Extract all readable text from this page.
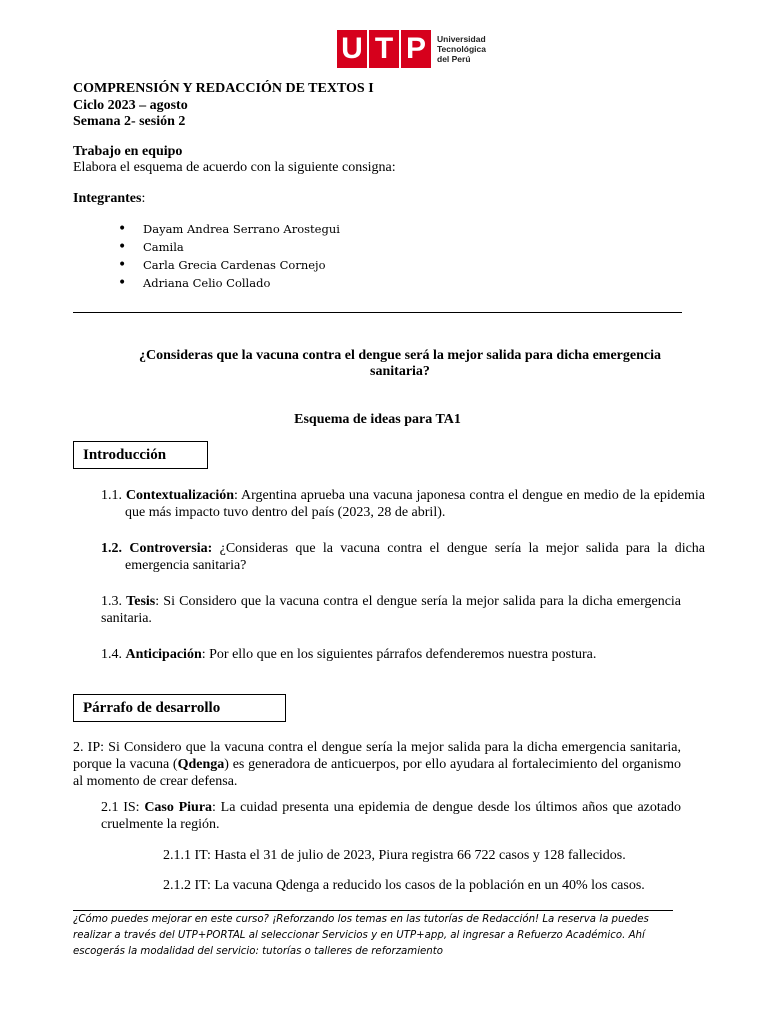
U T P	Universidad
Tecnológica
del Perú
COMPRENSIÓN Y REDACCIÓN DE TEXTOS I
Ciclo 2023 – agosto
Semana 2- sesión 2
Trabajo en equipo
Elabora el esquema de acuerdo con la siguiente consigna:
Integrantes:
• Dayam Andrea Serrano Arostegui
• Camila
• Carla Grecia Cardenas Cornejo
• Adriana Celio Collado
¿Consideras que la vacuna contra el dengue será la mejor salida para dicha emergencia sanitaria?
Esquema de ideas para TA1
Introducción
1.1. Contextualización: Argentina aprueba una vacuna japonesa contra el dengue en medio de la epidemia que más impacto tuvo dentro del país (2023, 28 de abril).
1.2. Controversia: ¿Consideras que la vacuna contra el dengue sería la mejor salida para la dicha emergencia sanitaria?
1.3. Tesis: Si Considero que la vacuna contra el dengue sería la mejor salida para la dicha emergencia sanitaria.
1.4. Anticipación: Por ello que en los siguientes párrafos defenderemos nuestra postura.
Párrafo de desarrollo
2. IP: Si Considero que la vacuna contra el dengue sería la mejor salida para la dicha emergencia sanitaria, porque la vacuna (Qdenga) es generadora de anticuerpos, por ello ayudara al fortalecimiento del organismo al momento de crear defensa.
2.1 IS: Caso Piura: La cuidad presenta una epidemia de dengue desde los últimos años que azotado cruelmente la región.
2.1.1 IT: Hasta el 31 de julio de 2023, Piura registra 66 722 casos y 128 fallecidos.
2.1.2 IT: La vacuna Qdenga a reducido los casos de la población en un 40% los casos.
¿Cómo puedes mejorar en este curso? ¡Reforzando los temas en las tutorías de Redacción! La reserva la puedes
realizar a través del UTP+PORTAL al seleccionar Servicios y en UTP+app, al ingresar a Refuerzo Académico. Ahí
escogerás la modalidad del servicio: tutorías o talleres de reforzamiento
